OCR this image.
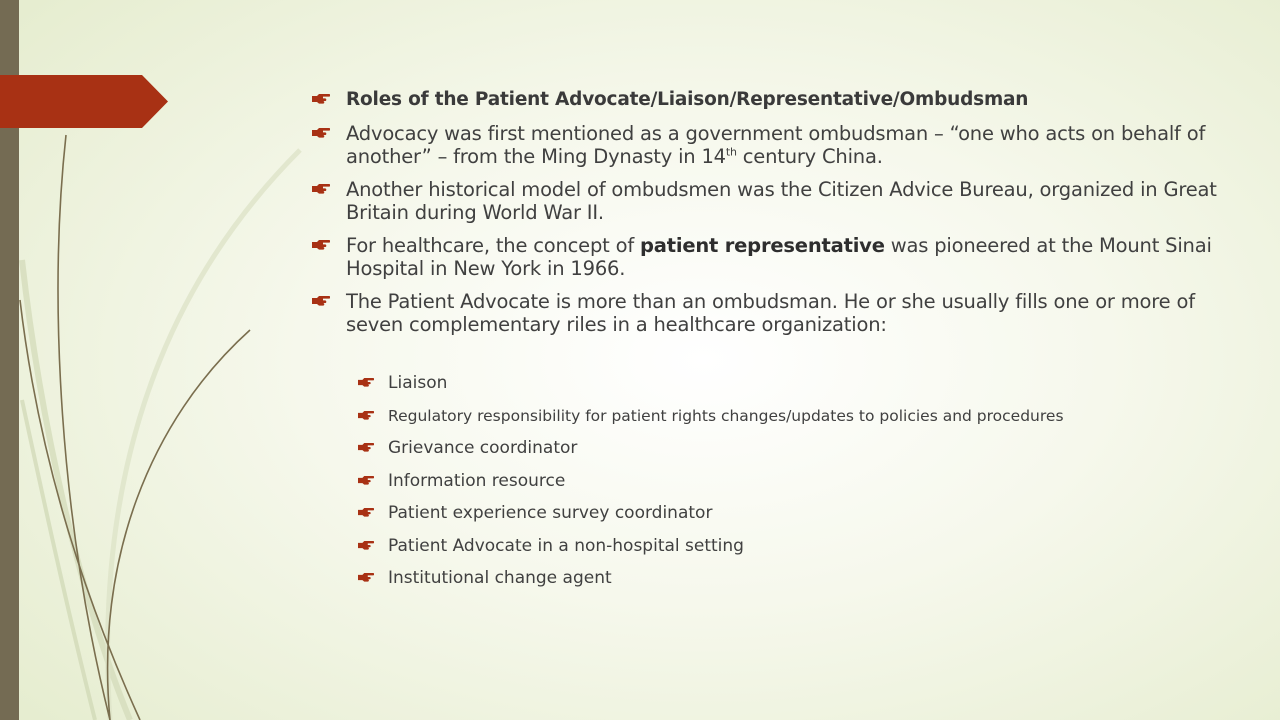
Roles of the Patient Advocate/Liaison/Representative/Ombudsman
Advocacy was first mentioned as a government ombudsman – “one who acts on behalf of another” – from the Ming Dynasty in 14th century China.
Another historical model of ombudsmen was the Citizen Advice Bureau, organized in Great Britain during World War II.
For healthcare, the concept of patient representative was pioneered at the Mount Sinai Hospital in New York in 1966.
The Patient Advocate is more than an ombudsman. He or she usually fills one or more of seven complementary riles in a healthcare organization:
Liaison
Regulatory responsibility for patient rights changes/updates to policies and procedures
Grievance coordinator
Information resource
Patient experience survey coordinator
Patient Advocate in a non-hospital setting
Institutional change agent
